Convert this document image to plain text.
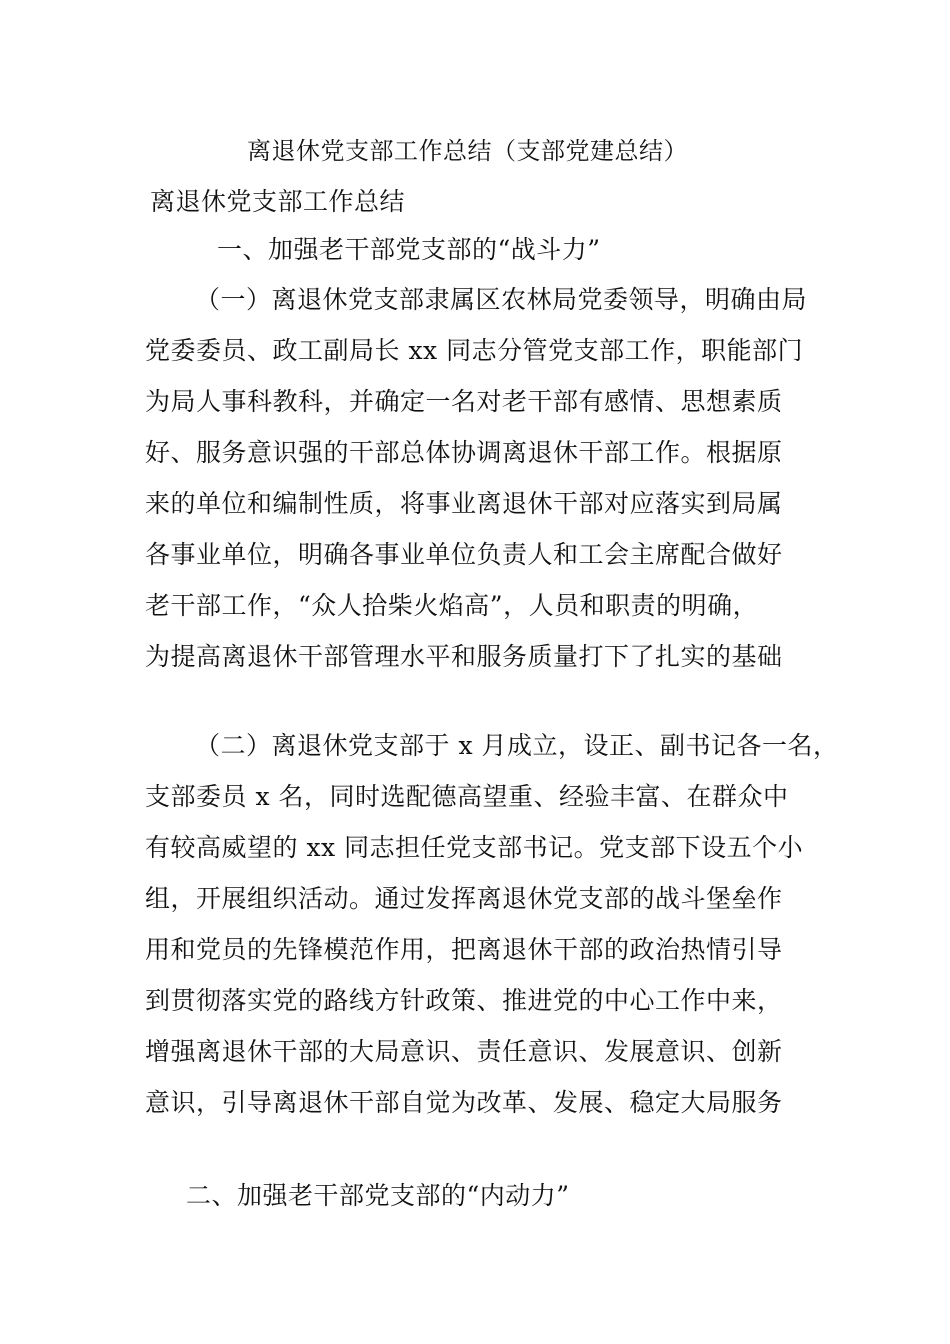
离退休党支部工作总结（支部党建总结）
离退休党支部工作总结
一、加强老干部党支部的“战斗力”
（一）离退休党支部隶属区农林局党委领导，明确由局
党委委员、政工副局长 xx 同志分管党支部工作，职能部门
为局人事科教科，并确定一名对老干部有感情、思想素质
好、服务意识强的干部总体协调离退休干部工作。根据原
来的单位和编制性质，将事业离退休干部对应落实到局属
各事业单位，明确各事业单位负责人和工会主席配合做好
老干部工作，“众人拾柴火焰高”，人员和职责的明确，
为提高离退休干部管理水平和服务质量打下了扎实的基础
（二）离退休党支部于 x 月成立，设正、副书记各一名，
支部委员 x 名，同时选配德高望重、经验丰富、在群众中
有较高威望的 xx 同志担任党支部书记。党支部下设五个小
组，开展组织活动。通过发挥离退休党支部的战斗堡垒作
用和党员的先锋模范作用，把离退休干部的政治热情引导
到贯彻落实党的路线方针政策、推进党的中心工作中来，
增强离退休干部的大局意识、责任意识、发展意识、创新
意识，引导离退休干部自觉为改革、发展、稳定大局服务
二、加强老干部党支部的“内动力”
